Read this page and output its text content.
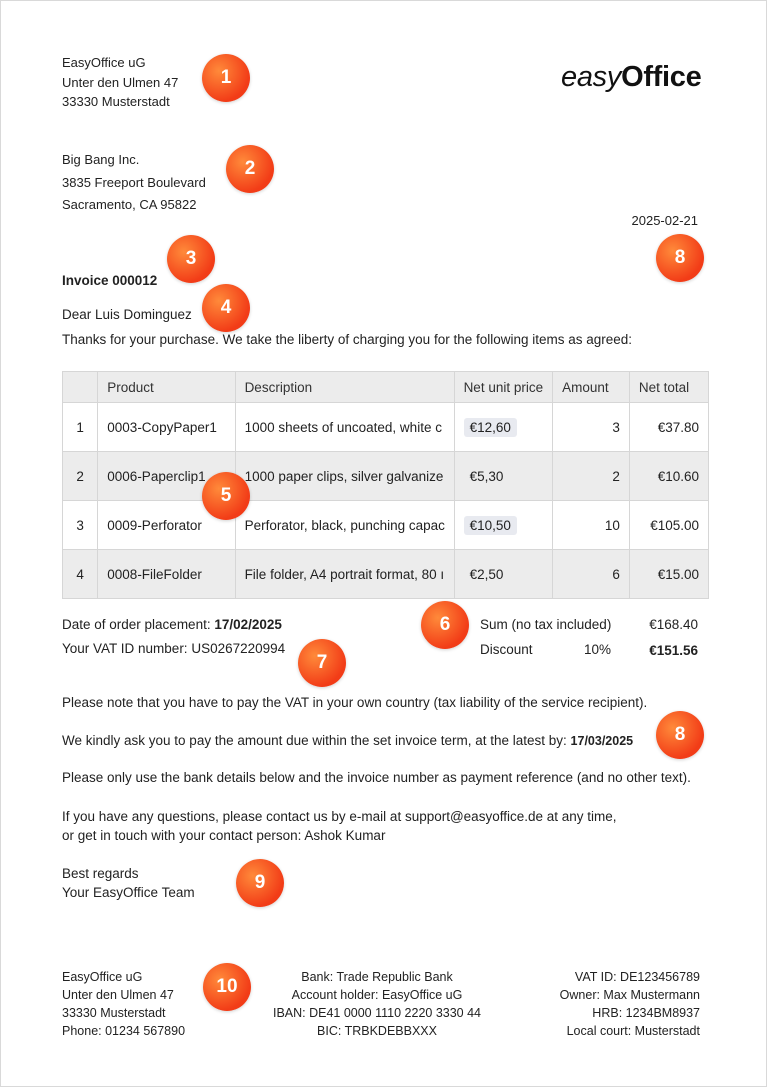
EasyOffice uG
Unter den Ulmen 47
33330 Musterstadt
easyOffice
Big Bang Inc.
3835 Freeport Boulevard
Sacramento, CA 95822
2025-02-21
Invoice 000012
Dear Luis Dominguez
Thanks for your purchase. We take the liberty of charging you for the following items as agreed:
	Product	Description	Net unit price	Amount	Net total
1	0003-CopyPaper1	1000 sheets of uncoated, white c	€12,60	3	€37.80
2	0006-Paperclip1	1000 paper clips, silver galvanize	€5,30	2	€10.60
3	0009-Perforator	Perforator, black, punching capac	€10,50	10	€105.00
4	0008-FileFolder	File folder, A4 portrait format, 80 ı	€2,50	6	€15.00
Date of order placement: 17/02/2025
Your VAT ID number: US0267220994
Sum (no tax included)	€168.40
Discount	10%	€151.56
Please note that you have to pay the VAT in your own country (tax liability of the service recipient).
We kindly ask you to pay the amount due within the set invoice term, at the latest by: 17/03/2025
Please only use the bank details below and the invoice number as payment reference (and no other text).
If you have any questions, please contact us by e-mail at support@easyoffice.de at any time,
or get in touch with your contact person: Ashok Kumar
Best regards
Your EasyOffice Team
EasyOffice uG
Unter den Ulmen 47
33330 Musterstadt
Phone: 01234 567890
Bank: Trade Republic Bank
Account holder: EasyOffice uG
IBAN: DE41 0000 1110 2220 3330 44
BIC: TRBKDEBBXXX
VAT ID: DE123456789
Owner: Max Mustermann
HRB: 1234BM8937
Local court: Musterstadt
1
2
3
4
5
6
7
8
8
9
10
